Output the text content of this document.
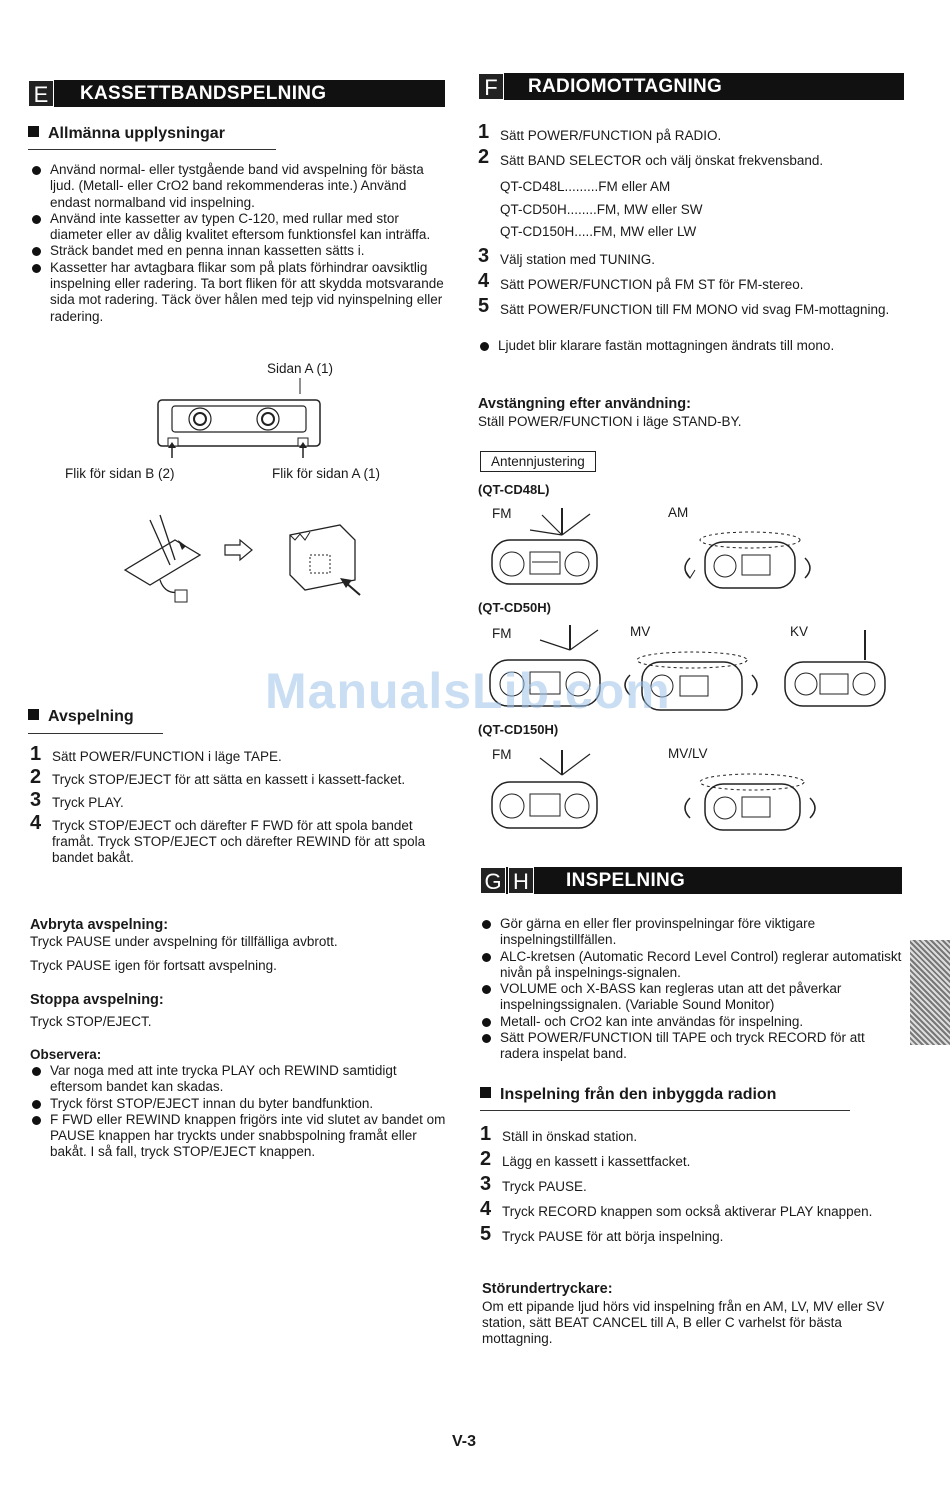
E KASSETTBANDSPELNING
Allmänna upplysningar
Använd normal- eller tystgående band vid avspelning för bästa ljud. (Metall- eller CrO2 band rekommenderas inte.) Använd endast normalband vid inspelning.
Använd inte kassetter av typen C-120, med rullar med stor diameter eller av dålig kvalitet eftersom funktionsfel kan inträffa.
Sträck bandet med en penna innan kassetten sätts i.
Kassetter har avtagbara flikar som på plats förhindrar oavsiktlig inspelning eller radering. Ta bort fliken för att skydda motsvarande sida mot radering. Täck över hålen med tejp vid nyinspelning eller radering.
Sidan A (1)
Flik för sidan B (2)	Flik för sidan A (1)
Avspelning
1 Sätt POWER/FUNCTION i läge TAPE.
2 Tryck STOP/EJECT för att sätta en kassett i kassett-facket.
3 Tryck PLAY.
4 Tryck STOP/EJECT och därefter F FWD för att spola bandet framåt. Tryck STOP/EJECT och därefter REWIND för att spola bandet bakåt.
Avbryta avspelning:
Tryck PAUSE under avspelning för tillfälliga avbrott.
Tryck PAUSE igen för fortsatt avspelning.
Stoppa avspelning:
Tryck STOP/EJECT.
Observera:
Var noga med att inte trycka PLAY och REWIND samtidigt eftersom bandet kan skadas.
Tryck först STOP/EJECT innan du byter bandfunktion.
F FWD eller REWIND knappen frigörs inte vid slutet av bandet om PAUSE knappen har tryckts under snabbspolning framåt eller bakåt. I så fall, tryck STOP/EJECT knappen.
F	RADIOMOTTAGNING
1 Sätt POWER/FUNCTION på RADIO.
2 Sätt BAND SELECTOR och välj önskat frekvensband.
QT-CD48L.........FM eller AM
QT-CD50H........FM, MW eller SW
QT-CD150H.....FM, MW eller LW
3 Välj station med TUNING.
4 Sätt POWER/FUNCTION på FM ST för FM-stereo.
5 Sätt POWER/FUNCTION till FM MONO vid svag FM-mottagning.
Ljudet blir klarare fastän mottagningen ändrats till mono.
Avstängning efter användning:
Ställ POWER/FUNCTION i läge STAND-BY.
Antennjustering
(QT-CD48L)
FM	AM
(QT-CD50H)
FM	MV	KV
(QT-CD150H)
FM	MV/LV
G H INSPELNING
Gör gärna en eller fler provinspelningar före viktigare inspelningstillfällen.
ALC-kretsen (Automatic Record Level Control) reglerar automatiskt nivån på inspelnings-signalen.
VOLUME och X-BASS kan regleras utan att det påverkar inspelningssignalen. (Variable Sound Monitor)
Metall- och CrO2 kan inte användas för inspelning.
Sätt POWER/FUNCTION till TAPE och tryck RECORD för att radera inspelat band.
Inspelning från den inbyggda radion
1 Ställ in önskad station.
2 Lägg en kassett i kassettfacket.
3 Tryck PAUSE.
4 Tryck RECORD knappen som också aktiverar PLAY knappen.
5 Tryck PAUSE för att börja inspelning.
Störundertryckare:
Om ett pipande ljud hörs vid inspelning från en AM, LV, MV eller SV station, sätt BEAT CANCEL till A, B eller C varhelst för bästa mottagning.
ManualsLib.com
V-3
